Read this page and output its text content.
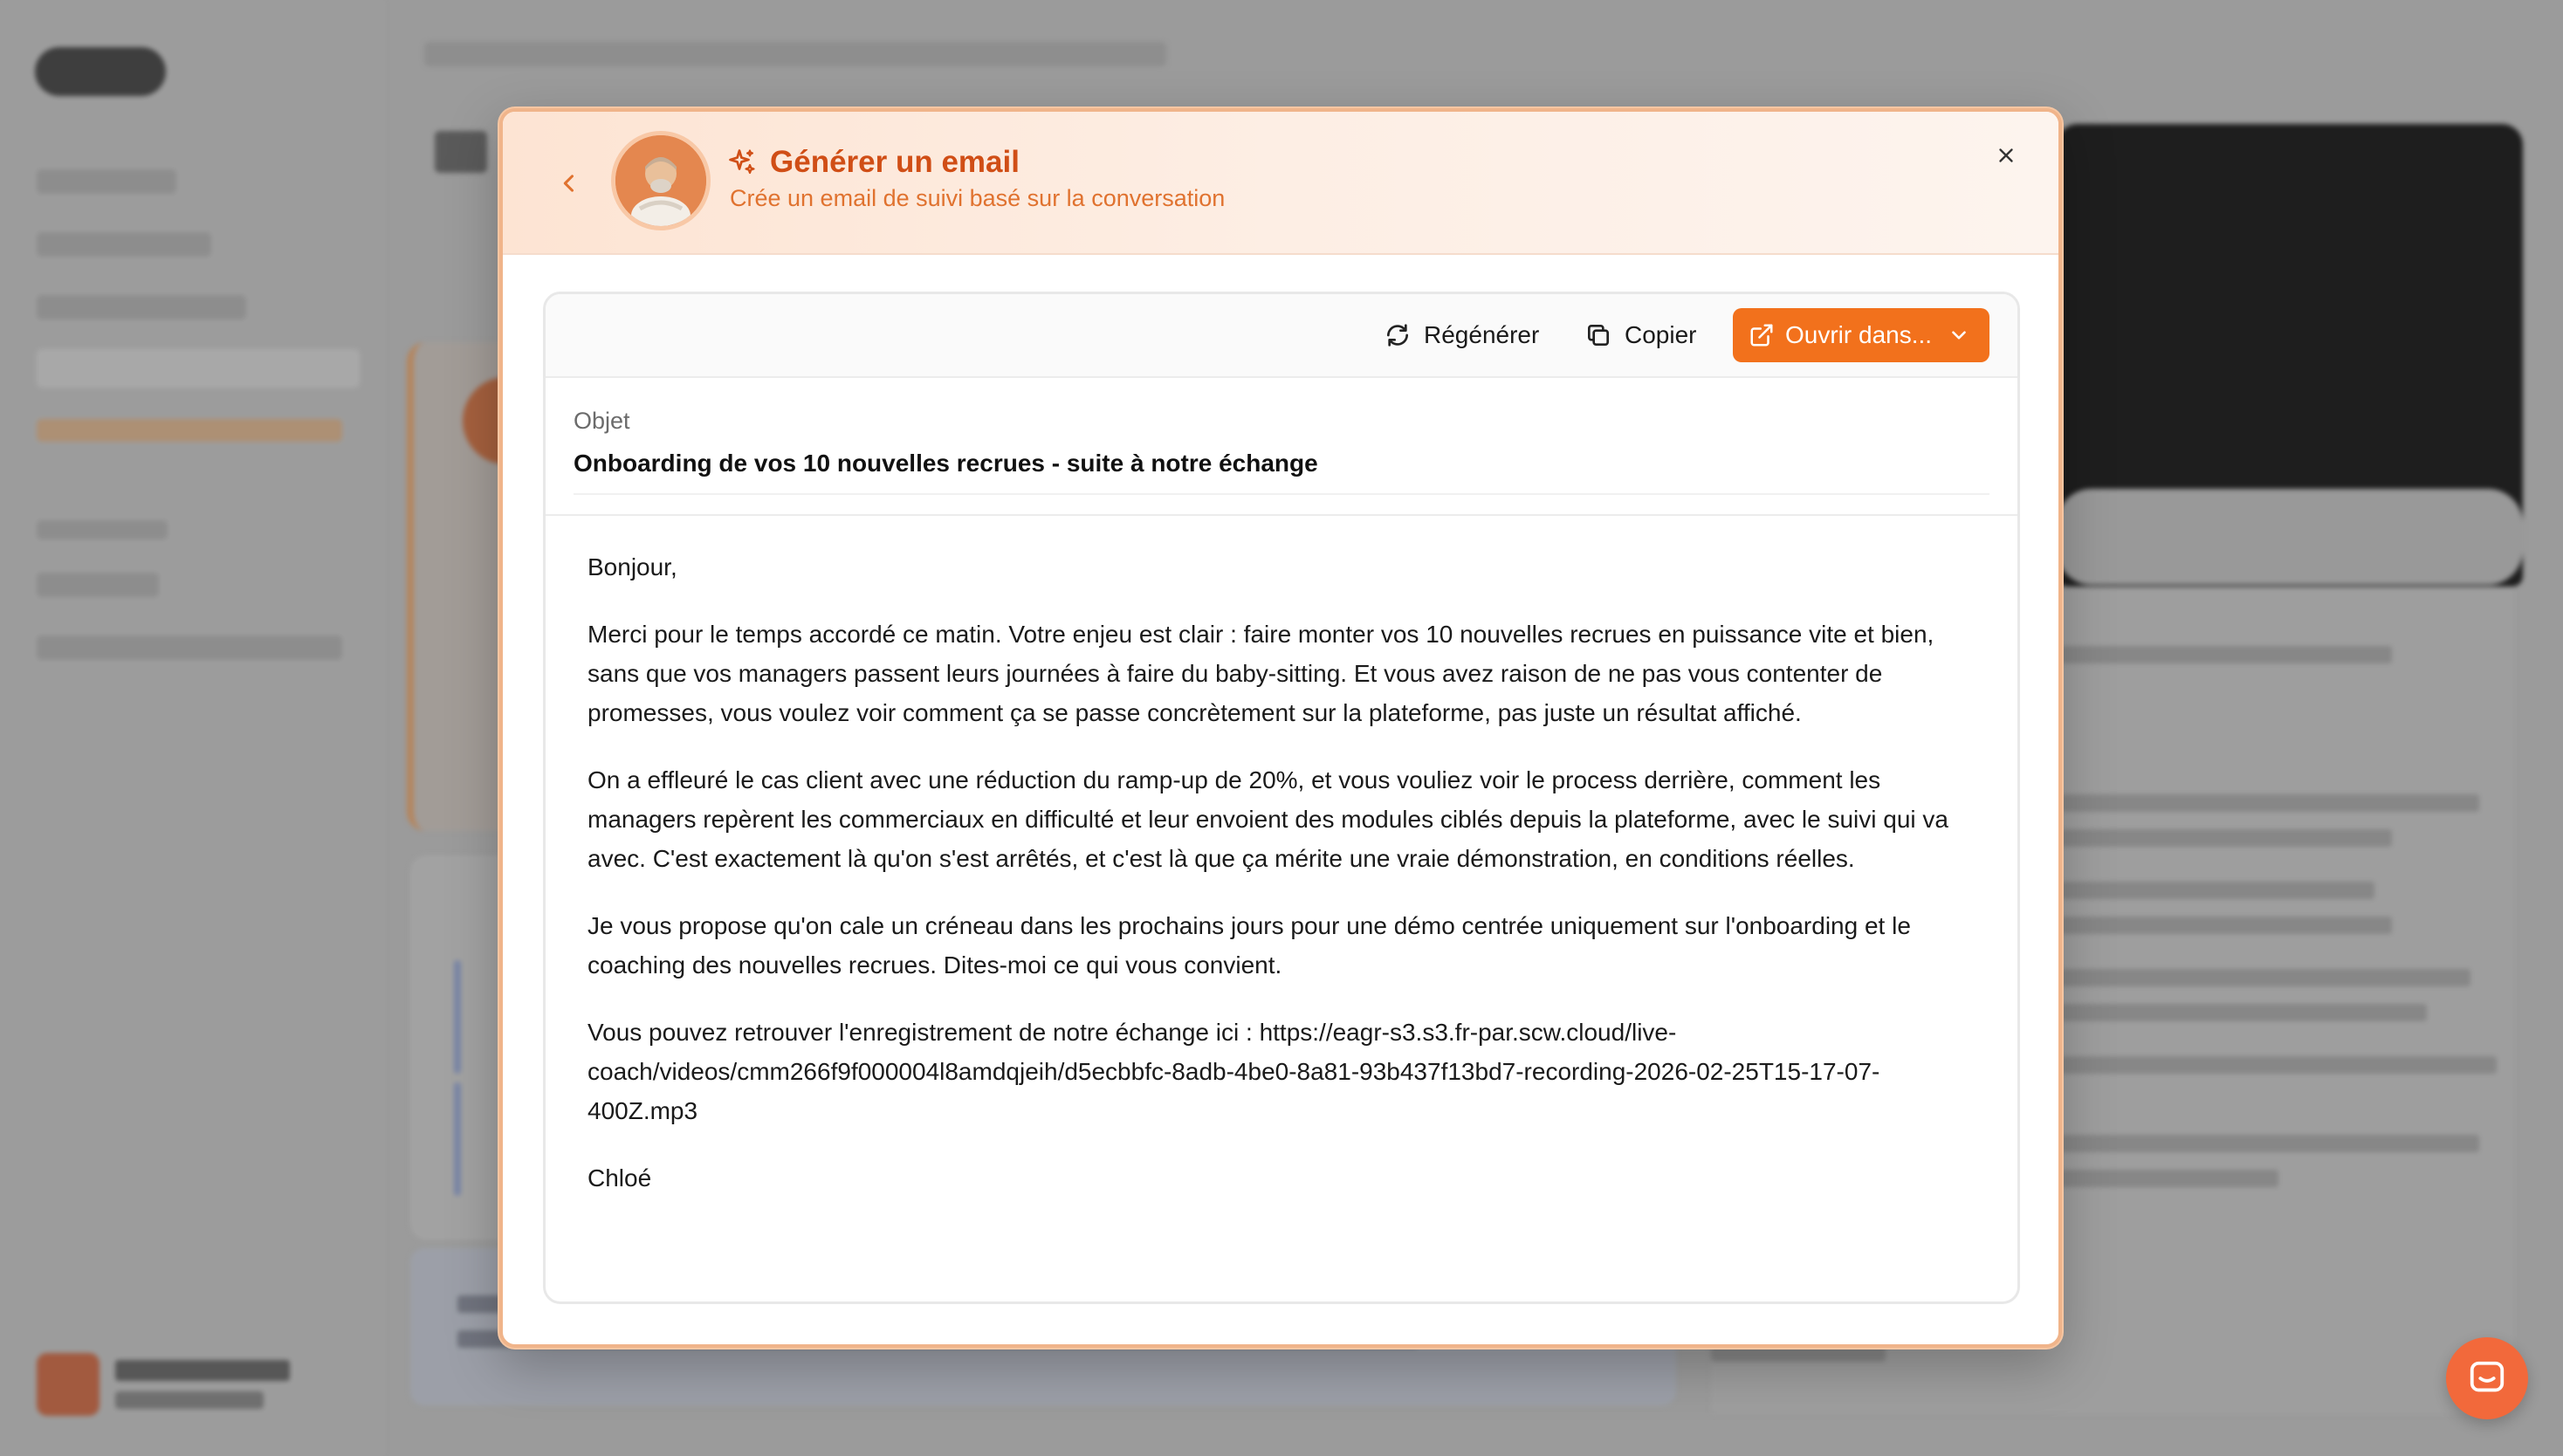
Générer un email
Crée un email de suivi basé sur la conversation
Régénérer	Copier	Ouvrir dans...
Objet
Onboarding de vos 10 nouvelles recrues - suite à notre échange

Bonjour,

Merci pour le temps accordé ce matin. Votre enjeu est clair : faire monter vos 10 nouvelles recrues en puissance vite et bien, sans que vos managers passent leurs journées à faire du baby-sitting. Et vous avez raison de ne pas vous contenter de promesses, vous voulez voir comment ça se passe concrètement sur la plateforme, pas juste un résultat affiché.

On a effleuré le cas client avec une réduction du ramp-up de 20%, et vous vouliez voir le process derrière, comment les managers repèrent les commerciaux en difficulté et leur envoient des modules ciblés depuis la plateforme, avec le suivi qui va avec. C'est exactement là qu'on s'est arrêtés, et c'est là que ça mérite une vraie démonstration, en conditions réelles.

Je vous propose qu'on cale un créneau dans les prochains jours pour une démo centrée uniquement sur l'onboarding et le coaching des nouvelles recrues. Dites-moi ce qui vous convient.

Vous pouvez retrouver l'enregistrement de notre échange ici : https://eagr-s3.s3.fr-par.scw.cloud/live-coach/videos/cmm266f9f000004l8amdqjeih/d5ecbbfc-8adb-4be0-8a81-93b437f13bd7-recording-2026-02-25T15-17-07-400Z.mp3

Chloé
